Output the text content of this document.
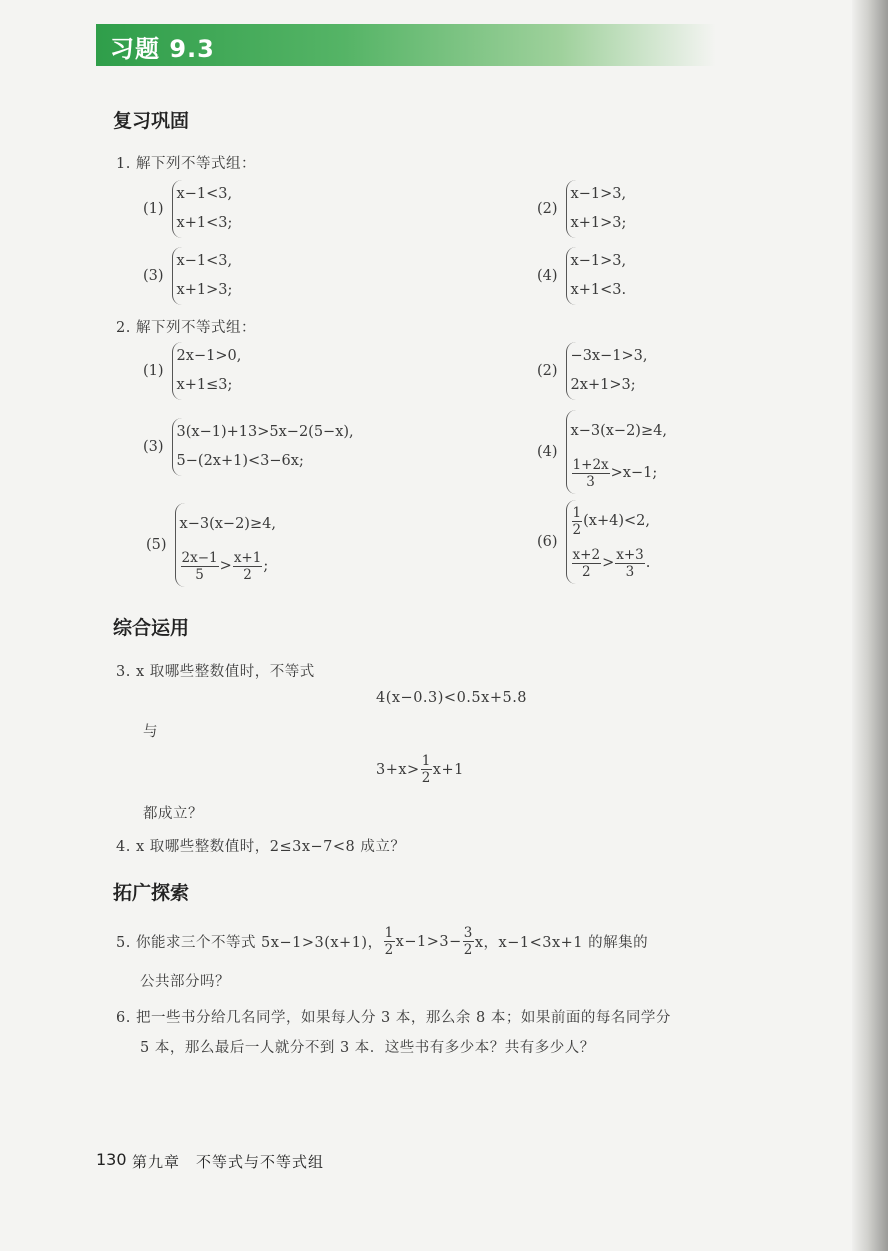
习题 9.3
复习巩固
1. 解下列不等式组：
(1)
x−1<3,
x+1<3;
(2)
x−1>3,
x+1>3;
(3)
x−1<3,
x+1>3;
(4)
x−1>3,
x+1<3.
2. 解下列不等式组：
(1)
2x−1>0,
x+1≤3;
(2)
−3x−1>3,
2x+1>3;
(3)
3(x−1)+13>5x−2(5−x),
5−(2x+1)<3−6x;
(4)
x−3(x−2)≥4,
$\frac{1+2x}{3} >x-1$;
(5)
x−3(x−2)≥4,
$\frac{2x-1}{5} > \frac{x+1}{2}$ ;
(6)
$\frac{1}{2} (x+4)<2$,
$\frac{x+2}{2} > \frac{x+3}{3}$ .
综合运用
3. x 取哪些整数值时，不等式
4(x−0.3)<0.5x+5.8
与
$3+x> \frac{1}{2} x+1$
都成立？
4. x 取哪些整数值时，2≤3x−7<8 成立？
拓广探索
5. 你能求三个不等式 5x−1>3(x+1)， $\frac{1}{2} x-1>3- \frac{3}{2}$ x，x−1<3x+1 的解集的
公共部分吗？
6. 把一些书分给几名同学，如果每人分 3 本，那么余 8 本；如果前面的每名同学分
5 本，那么最后一人就分不到 3 本．这些书有多少本？共有多少人？
130 第九章　不等式与不等式组
